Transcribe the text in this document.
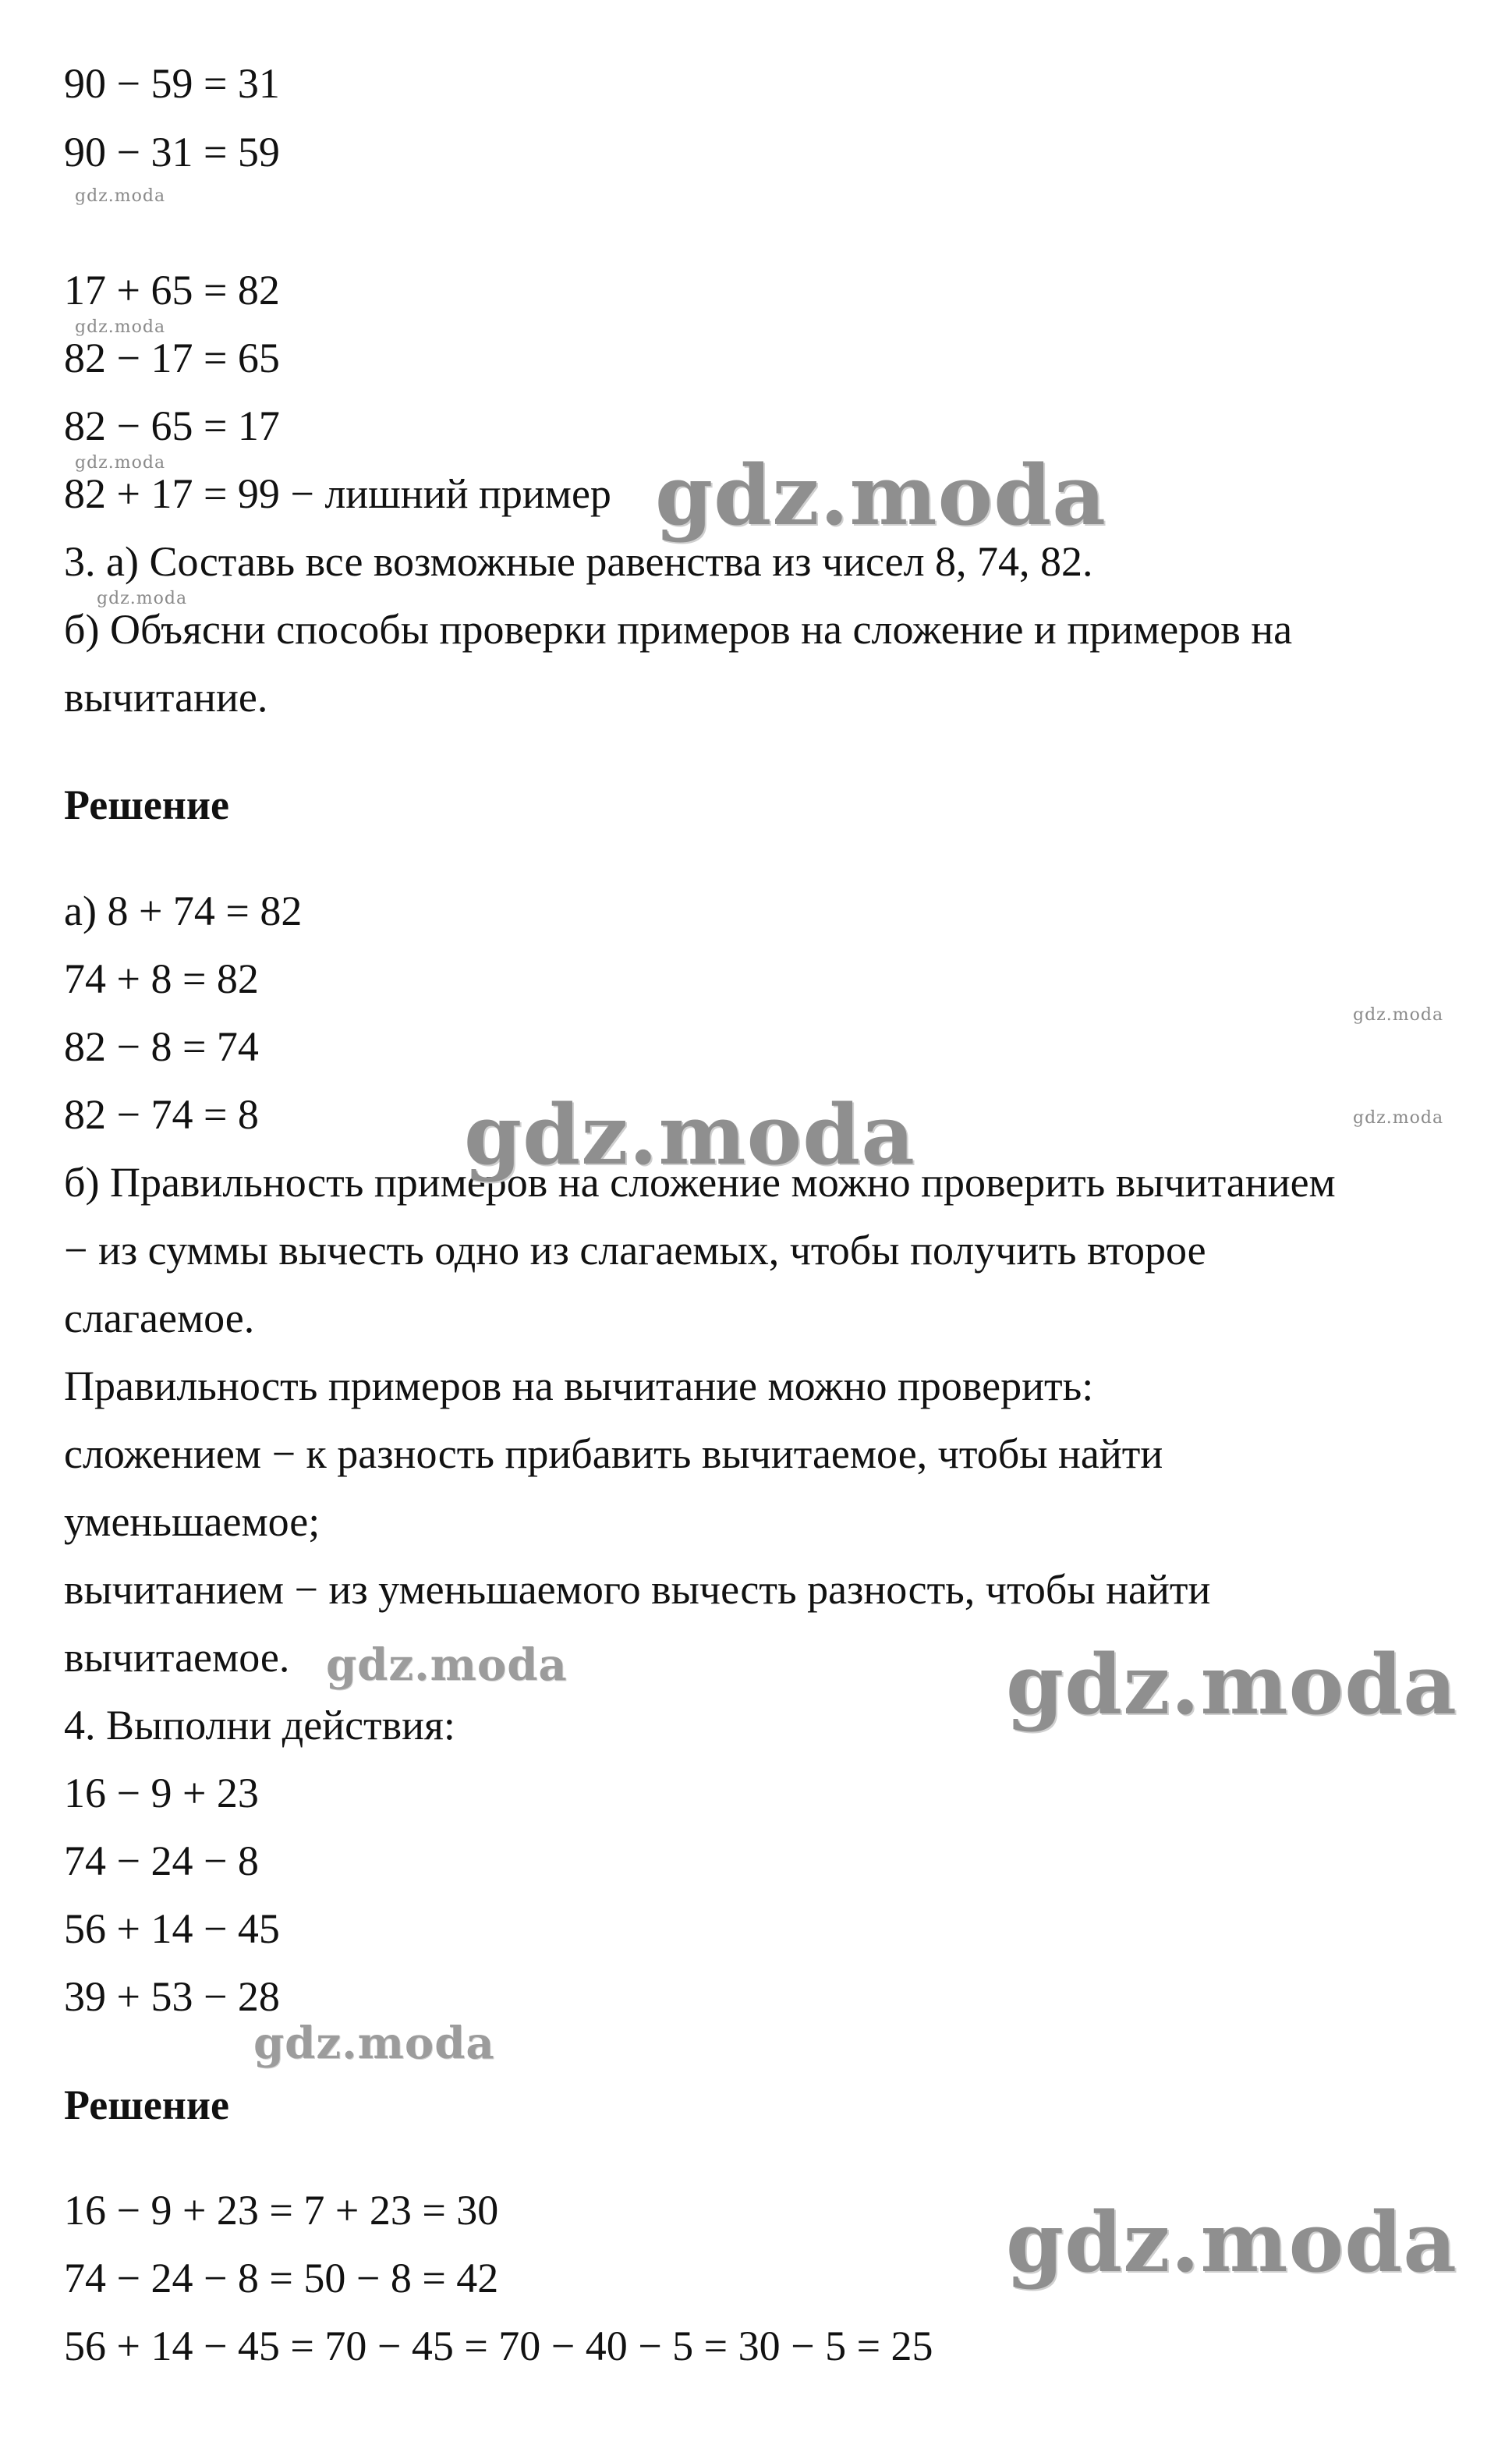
90 − 59 = 31
90 − 31 = 59
17 + 65 = 82
82 − 17 = 65
82 − 65 = 17
82 + 17 = 99 − лишний пример
3. а) Составь все возможные равенства из чисел 8, 74, 82.
б) Объясни способы проверки примеров на сложение и примеров на
вычитание.
Решение
а) 8 + 74 = 82
74 + 8 = 82
82 − 8 = 74
82 − 74 = 8
б) Правильность примеров на сложение можно проверить вычитанием
− из суммы вычесть одно из слагаемых, чтобы получить второе
слагаемое.
Правильность примеров на вычитание можно проверить:
сложением − к разность прибавить вычитаемое, чтобы найти
уменьшаемое;
вычитанием − из уменьшаемого вычесть разность, чтобы найти
вычитаемое.
4. Выполни действия:
16 − 9 + 23
74 − 24 − 8
56 + 14 − 45
39 + 53 − 28
Решение
16 − 9 + 23 = 7 + 23 = 30
74 − 24 − 8 = 50 − 8 = 42
56 + 14 − 45 = 70 − 45 = 70 − 40 − 5 = 30 − 5 = 25
gdz.moda
gdz.moda
gdz.moda
gdz.moda
gdz.moda
gdz.moda
gdz.moda
gdz.moda
gdz.moda
gdz.moda
gdz.moda
gdz.moda
